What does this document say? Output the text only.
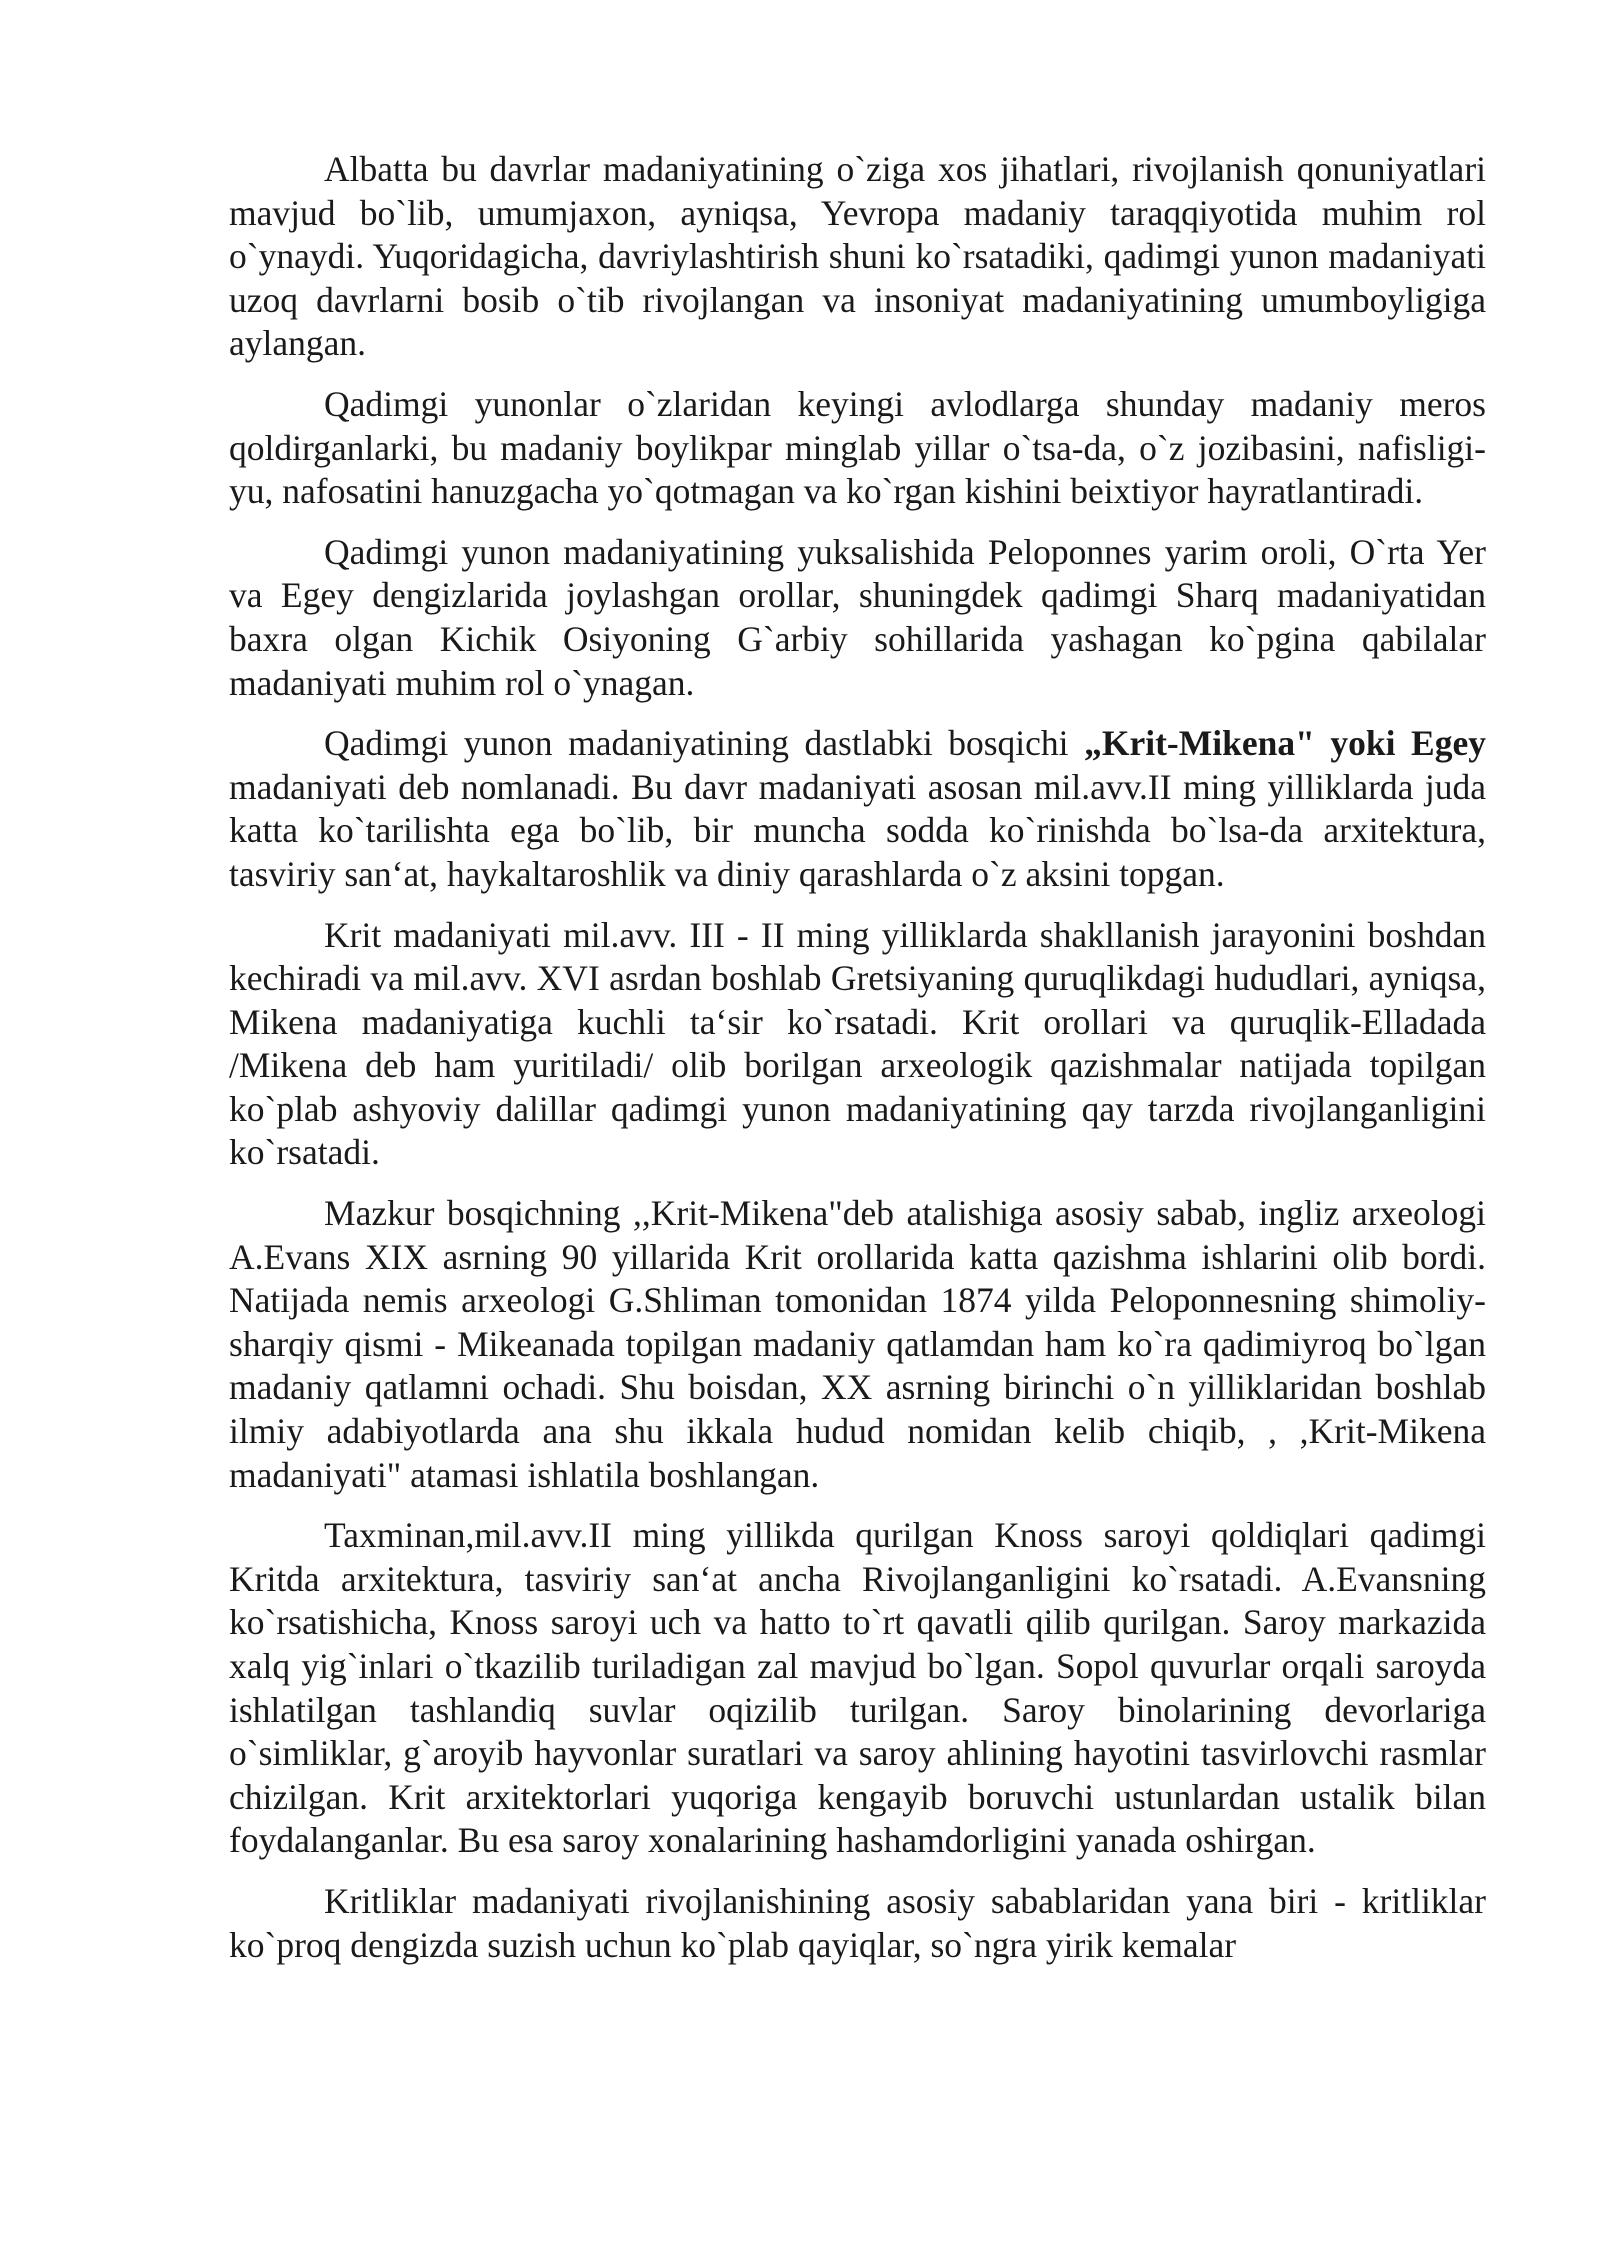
Albatta bu davrlar madaniyatining o`ziga xos jihatlari, rivojlanish qonuniyatlari mavjud bo`lib, umumjaxon, ayniqsa, Yevropa madaniy taraqqiyotida muhim rol o`ynaydi. Yuqoridagicha, davriylashtirish shuni ko`rsatadiki, qadimgi yunon madaniyati uzoq davrlarni bosib o`tib rivojlangan va insoniyat madaniyatining umumboyligiga aylangan.

Qadimgi yunonlar o`zlaridan keyingi avlodlarga shunday madaniy meros qoldirganlarki, bu madaniy boylikpar minglab yillar o`tsa-da, o`z jozibasini, nafisligi-yu, nafosatini hanuzgacha yo`qotmagan va ko`rgan kishini beixtiyor hayratlantiradi.

Qadimgi yunon madaniyatining yuksalishida Peloponnes yarim oroli, O`rta Yer va Egey dengizlarida joylashgan orollar, shuningdek qadimgi Sharq madaniyatidan baxra olgan Kichik Osiyoning G`arbiy sohillarida yashagan ko`pgina qabilalar madaniyati muhim rol o`ynagan.

Qadimgi yunon madaniyatining dastlabki bosqichi „Krit-Mikena" yoki Egey madaniyati deb nomlanadi. Bu davr madaniyati asosan mil.avv.II ming yilliklarda juda katta ko`tarilishta ega bo`lib, bir muncha sodda ko`rinishda bo`lsa-da arxitektura, tasviriy san‘at, haykaltaroshlik va diniy qarashlarda o`z aksini topgan.

Krit madaniyati mil.avv. III - II ming yilliklarda shakllanish jarayonini boshdan kechiradi va mil.avv. XVI asrdan boshlab Gretsiyaning quruqlikdagi hududlari, ayniqsa, Mikena madaniyatiga kuchli ta‘sir ko`rsatadi. Krit orollari va quruqlik-Elladada /Mikena deb ham yuritiladi/ olib borilgan arxeologik qazishmalar natijada topilgan ko`plab ashyoviy dalillar qadimgi yunon madaniyatining qay tarzda rivojlanganligini ko`rsatadi.

Mazkur bosqichning ,,Krit-Mikena"deb atalishiga asosiy sabab, ingliz arxeologi A.Evans XIX asrning 90 yillarida Krit orollarida katta qazishma ishlarini olib bordi. Natijada nemis arxeologi G.Shliman tomonidan 1874 yilda Peloponnesning shimoliy-sharqiy qismi - Mikeanada topilgan madaniy qatlamdan ham ko`ra qadimiyroq bo`lgan madaniy qatlamni ochadi. Shu boisdan, XX asrning birinchi o`n yilliklaridan boshlab ilmiy adabiyotlarda ana shu ikkala hudud nomidan kelib chiqib, , ,Krit-Mikena madaniyati" atamasi ishlatila boshlangan.

Taxminan,mil.avv.II ming yillikda qurilgan Knoss saroyi qoldiqlari qadimgi Kritda arxitektura, tasviriy san‘at ancha Rivojlanganligini ko`rsatadi. A.Evansning ko`rsatishicha, Knoss saroyi uch va hatto to`rt qavatli qilib qurilgan. Saroy markazida xalq yig`inlari o`tkazilib turiladigan zal mavjud bo`lgan. Sopol quvurlar orqali saroyda ishlatilgan tashlandiq suvlar oqizilib turilgan. Saroy binolarining devorlariga o`simliklar, g`aroyib hayvonlar suratlari va saroy ahlining hayotini tasvirlovchi rasmlar chizilgan. Krit arxitektorlari yuqoriga kengayib boruvchi ustunlardan ustalik bilan foydalanganlar. Bu esa saroy xonalarining hashamdorligini yanada oshirgan.

Kritliklar madaniyati rivojlanishining asosiy sabablaridan yana biri - kritliklar ko`proq dengizda suzish uchun ko`plab qayiqlar, so`ngra yirik kemalar
